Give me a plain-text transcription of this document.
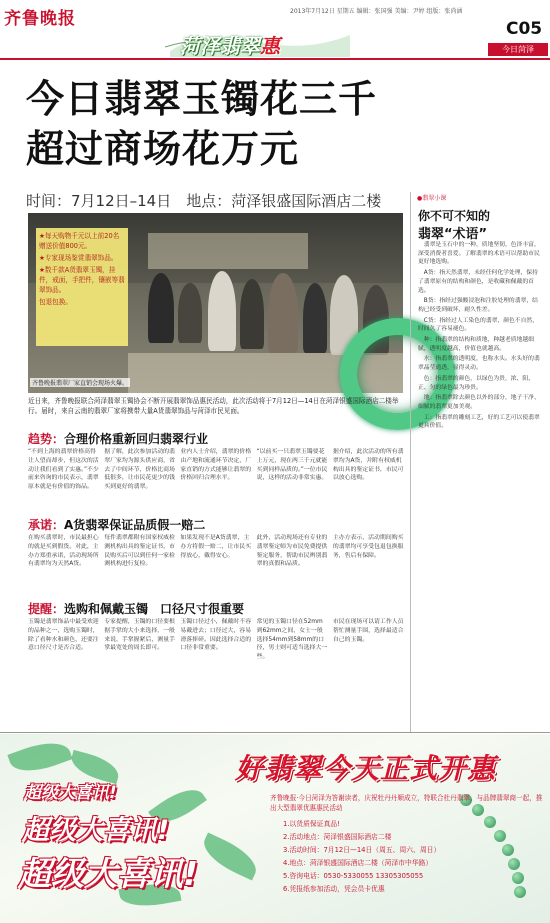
齐鲁晚报	2013年7月12日 星期五 编辑：张国强 美编：尹婷 组版：张尚涵
C05
菏泽翡翠惠	今日菏泽
今日翡翠玉镯花三千
超过商场花万元
时间：7月12日–14日　地点：菏泽银盛国际酒店二楼

★每天购物千元以上前20名赠送价值800元。

★专家现场鉴赏翡翠饰品。

★数千款A货翡翠玉镯，挂件，戒面，手把件，镶嵌等翡翠饰品。

包退包换。

齐鲁晚报翡翠厂家直销会现场火爆。
近日来，齐鲁晚报联合菏泽翡翠玉镯协会不断开展翡翠饰品惠民活动，此次活动将于7月12日—14日在菏泽银盛国际酒店二楼举行。届时，来自云南的翡翠厂家将携带大量A货翡翠饰品与菏泽市民见面。
●翡翠小课
你不可不知的
翡翠“术语”

翡翠是玉石中的一种，质地坚韧，色泽丰富，深受消费者喜爱。了解翡翠的术语可以帮助市民更好地选购。

A货：指天然翡翠，未经任何化学处理，保持了翡翠原有的结构和颜色，是收藏和佩戴的首选。

B货：指经过强酸浸泡和注胶处理的翡翠，结构已经受到破坏，耐久性差。

C货：指经过人工染色的翡翠，颜色不自然，时间久了容易褪色。

种：指翡翠的结构和质地，种越老质地越细腻，透明度越高，价值也就越高。

水：指翡翠的透明度，也称水头。水头好的翡翠晶莹通透，显得灵动。

色：指翡翠的颜色，以绿色为贵，浓、阳、正、匀的绿色最为珍贵。

地：指翡翠除去颜色以外的部分，地子干净、细腻的翡翠更加美观。

工：指翡翠的雕刻工艺，好的工艺可以使翡翠更具价值。

趋势：合理价格重新回归翡翠行业
“不到上海的翡翠价格高得让人望而却步，但这次的活动让我们看到了实惠。”不少前来咨询的市民表示，翡翠原本就是有价值的饰品。
据了解，此次参加活动的翡翠厂家均为源头供应商，省去了中间环节，价格比商场低很多，让市民花更少的钱买到更好的翡翠。
业内人士介绍，翡翠的价格由产地和流通环节决定，厂家直销的方式能够让翡翠的价格回归合理水平。
“以前买一只翡翠玉镯要花上万元，现在两三千元就能买到同样品质的。”一位市民说，这样的活动非常实惠。
据介绍，此次活动的所有翡翠均为A货，并附有权威机构出具的鉴定证书，市民可以放心选购。
承诺：A货翡翠保证品质假一赔二
在购买翡翠时，市民最担心的就是买到假货。对此，主办方郑重承诺，活动现场所有翡翠均为天然A货。
每件翡翠都附有国家权威检测机构出具的鉴定证书，市民购买后可以到任何一家检测机构进行复检。
如果发现不是A货翡翠，主办方将假一赔二，让市民买得放心，戴得安心。
此外，活动现场还有专业的翡翠鉴定师为市民免费提供鉴定服务，帮助市民辨别翡翠的真假和品质。
主办方表示，活动期间购买的翡翠均可享受包退包换服务，售后有保障。
提醒：选购和佩戴玉镯　口径尺寸很重要
玉镯是翡翠饰品中最受欢迎的品种之一，选购玉镯时，除了看种水和颜色，还要注意口径尺寸是否合适。
专家提醒，玉镯的口径要根据手掌的大小来选择，一般来说，手掌握紧后，测量手掌最宽处的周长即可。
玉镯口径过小，佩戴时不容易戴进去；口径过大，容易滑落摔碎。因此选择合适的口径非常重要。
常见的玉镯口径在52mm到62mm之间，女士一般选择54mm到58mm的口径，男士则可适当选择大一些。
市民在现场可以请工作人员帮忙测量手围，选择最适合自己的玉镯。
好翡翠今天正式开惠
超级大喜讯!
超级大喜讯!
超级大喜讯!
齐鲁晚报·今日菏泽为答谢读者，庆祝牡丹丹顺成立，特联合杜丹翡翠，与品牌翡翠商一起，推出大型翡翠优惠惠民活动

1.以货质保证真品!

2.活动地点：菏泽银盛国际酒店二楼

3.活动时间：7月12日—14日（周五、周六、周日）

4.地点：菏泽银盛国际酒店二楼（菏泽市中华路）

5.咨询电话：0530-5330055 13305305055

6.凭报纸参加活动，凭会员卡优惠
